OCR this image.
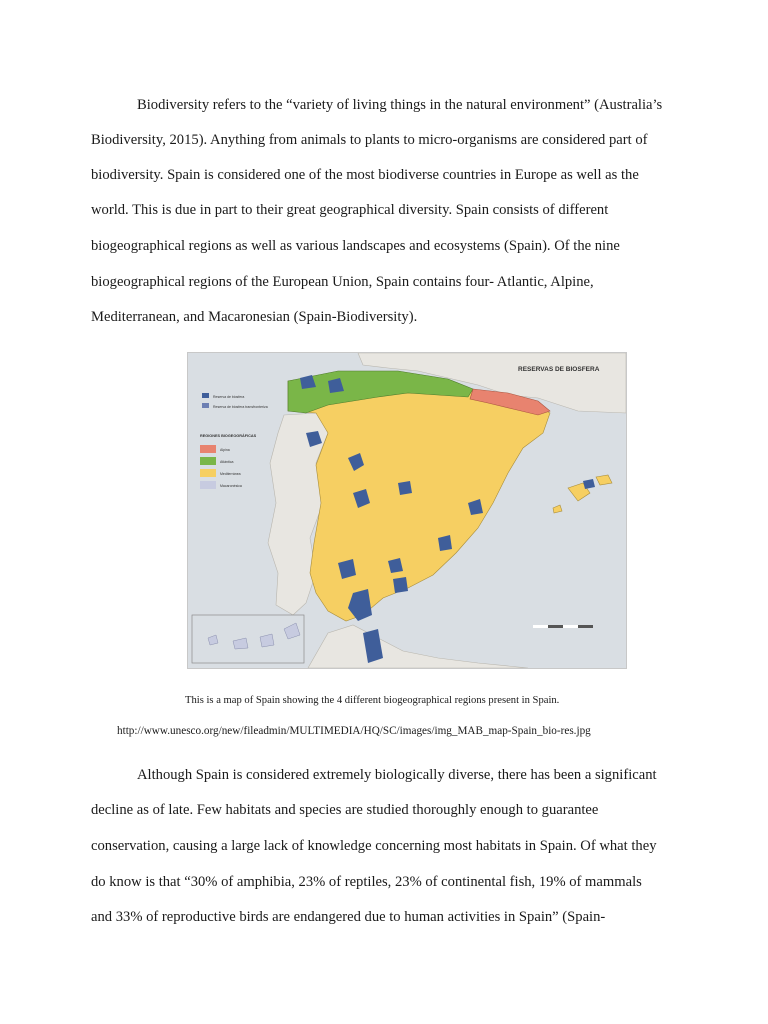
Biodiversity refers to the “variety of living things in the natural environment” (Australia’s
Biodiversity, 2015). Anything from animals to plants to micro-organisms are considered part of
biodiversity. Spain is considered one of the most biodiverse countries in Europe as well as the
world. This is due in part to their great geographical diversity. Spain consists of different
biogeographical regions as well as various landscapes and ecosystems (Spain). Of the nine
biogeographical regions of the European Union, Spain contains four- Atlantic, Alpine,
Mediterranean, and Macaronesian (Spain-Biodiversity).
RESERVAS DE BIOSFERA
Reserva de biosfera
Reserva de biosfera transfronteriza
REGIONES BIOGEOGRÁFICAS
Alpina
Atlántica
Mediterránea
Macaronésica
This is a map of Spain showing the 4 different biogeographical regions present in Spain.
http://www.unesco.org/new/fileadmin/MULTIMEDIA/HQ/SC/images/img_MAB_map-Spain_bio-res.jpg
Although Spain is considered extremely biologically diverse, there has been a significant
decline as of late. Few habitats and species are studied thoroughly enough to guarantee
conservation, causing a large lack of knowledge concerning most habitats in Spain. Of what they
do know is that “30% of amphibia, 23% of reptiles, 23% of continental fish, 19% of mammals
and 33% of reproductive birds are endangered due to human activities in Spain” (Spain-
